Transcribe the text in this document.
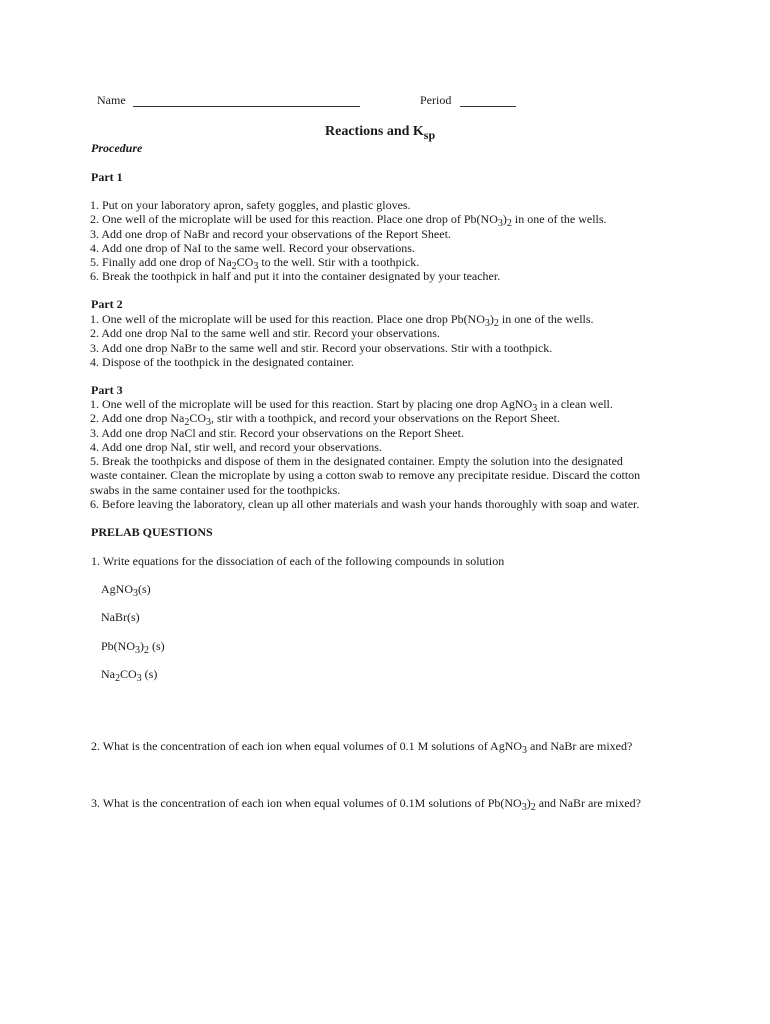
Name	Period
Reactions and $K_{sp}$
Procedure
Part 1
1. Put on your laboratory apron, safety goggles, and plastic gloves.
2. One well of the microplate will be used for this reaction. Place one drop of $Pb(NO_3)_2$ in one of the wells.
3. Add one drop of NaBr and record your observations of the Report Sheet.
4. Add one drop of NaI to the same well. Record your observations.
5. Finally add one drop of $Na_2CO_3$ to the well. Stir with a toothpick.
6. Break the toothpick in half and put it into the container designated by your teacher.
Part 2
1. One well of the microplate will be used for this reaction. Place one drop $Pb(NO_3)_2$ in one of the wells.
2. Add one drop NaI to the same well and stir. Record your observations.
3. Add one drop NaBr to the same well and stir. Record your observations. Stir with a toothpick.
4. Dispose of the toothpick in the designated container.
Part 3
1. One well of the microplate will be used for this reaction. Start by placing one drop AgNO$_3$ in a clean well.
2. Add one drop $Na_2CO_3$, stir with a toothpick, and record your observations on the Report Sheet.
3. Add one drop NaCl and stir. Record your observations on the Report Sheet.
4. Add one drop NaI, stir well, and record your observations.
5. Break the toothpicks and dispose of them in the designated container. Empty the solution into the designated
waste container. Clean the microplate by using a cotton swab to remove any precipitate residue. Discard the cotton
swabs in the same container used for the toothpicks.
6. Before leaving the laboratory, clean up all other materials and wash your hands thoroughly with soap and water.
PRELAB QUESTIONS
1. Write equations for the dissociation of each of the following compounds in solution
AgNO$_3$(s)
NaBr(s)
$Pb(NO_3)_2$ (s)
$Na_2CO_3$ (s)
2. What is the concentration of each ion when equal volumes of 0.1 M solutions of AgNO$_3$ and NaBr are mixed?
3. What is the concentration of each ion when equal volumes of 0.1M solutions of $Pb(NO_3)_2$ and NaBr are mixed?
